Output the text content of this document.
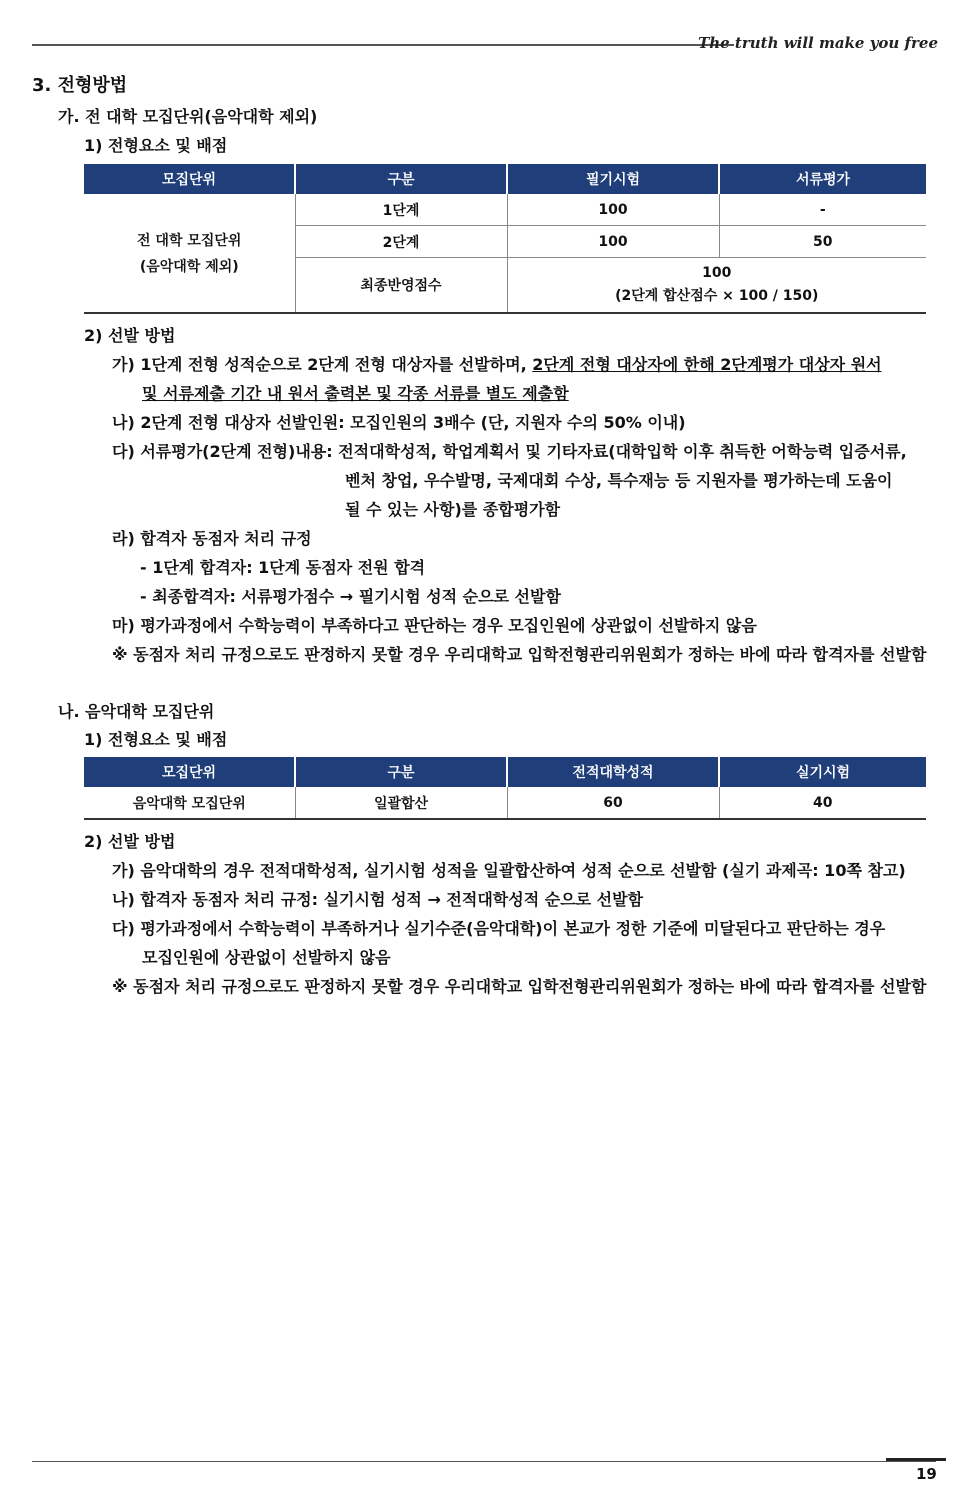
The truth will make you free
3. 전형방법
가. 전 대학 모집단위(음악대학 제외)
1) 전형요소 및 배점
모집단위	구분	필기시험	서류평가

전 대학 모집단위
(음악대학 제외)	1단계	100	-
	2단계	100	50
	최종반영점수	100
(2단계 합산점수 × 100 / 150)	
2) 선발 방법
가) 1단계 전형 성적순으로 2단계 전형 대상자를 선발하며, 2단계 전형 대상자에 한해 2단계평가 대상자 원서
및 서류제출 기간 내 원서 출력본 및 각종 서류를 별도 제출함
나) 2단계 전형 대상자 선발인원: 모집인원의 3배수 (단, 지원자 수의 50% 이내)
다) 서류평가(2단계 전형)내용: 전적대학성적, 학업계획서 및 기타자료(대학입학 이후 취득한 어학능력 입증서류,
벤처 창업, 우수발명, 국제대회 수상, 특수재능 등 지원자를 평가하는데 도움이
될 수 있는 사항)를 종합평가함
라) 합격자 동점자 처리 규정
- 1단계 합격자: 1단계 동점자 전원 합격
- 최종합격자: 서류평가점수 → 필기시험 성적 순으로 선발함
마) 평가과정에서 수학능력이 부족하다고 판단하는 경우 모집인원에 상관없이 선발하지 않음
※ 동점자 처리 규정으로도 판정하지 못할 경우 우리대학교 입학전형관리위원회가 정하는 바에 따라 합격자를 선발함
나. 음악대학 모집단위
1) 전형요소 및 배점
모집단위	구분	전적대학성적	실기시험
음악대학 모집단위	일괄합산	60	40
2) 선발 방법
가) 음악대학의 경우 전적대학성적, 실기시험 성적을 일괄합산하여 성적 순으로 선발함 (실기 과제곡: 10쪽 참고)
나) 합격자 동점자 처리 규정: 실기시험 성적 → 전적대학성적 순으로 선발함
다) 평가과정에서 수학능력이 부족하거나 실기수준(음악대학)이 본교가 정한 기준에 미달된다고 판단하는 경우
모집인원에 상관없이 선발하지 않음
※ 동점자 처리 규정으로도 판정하지 못할 경우 우리대학교 입학전형관리위원회가 정하는 바에 따라 합격자를 선발함
19
